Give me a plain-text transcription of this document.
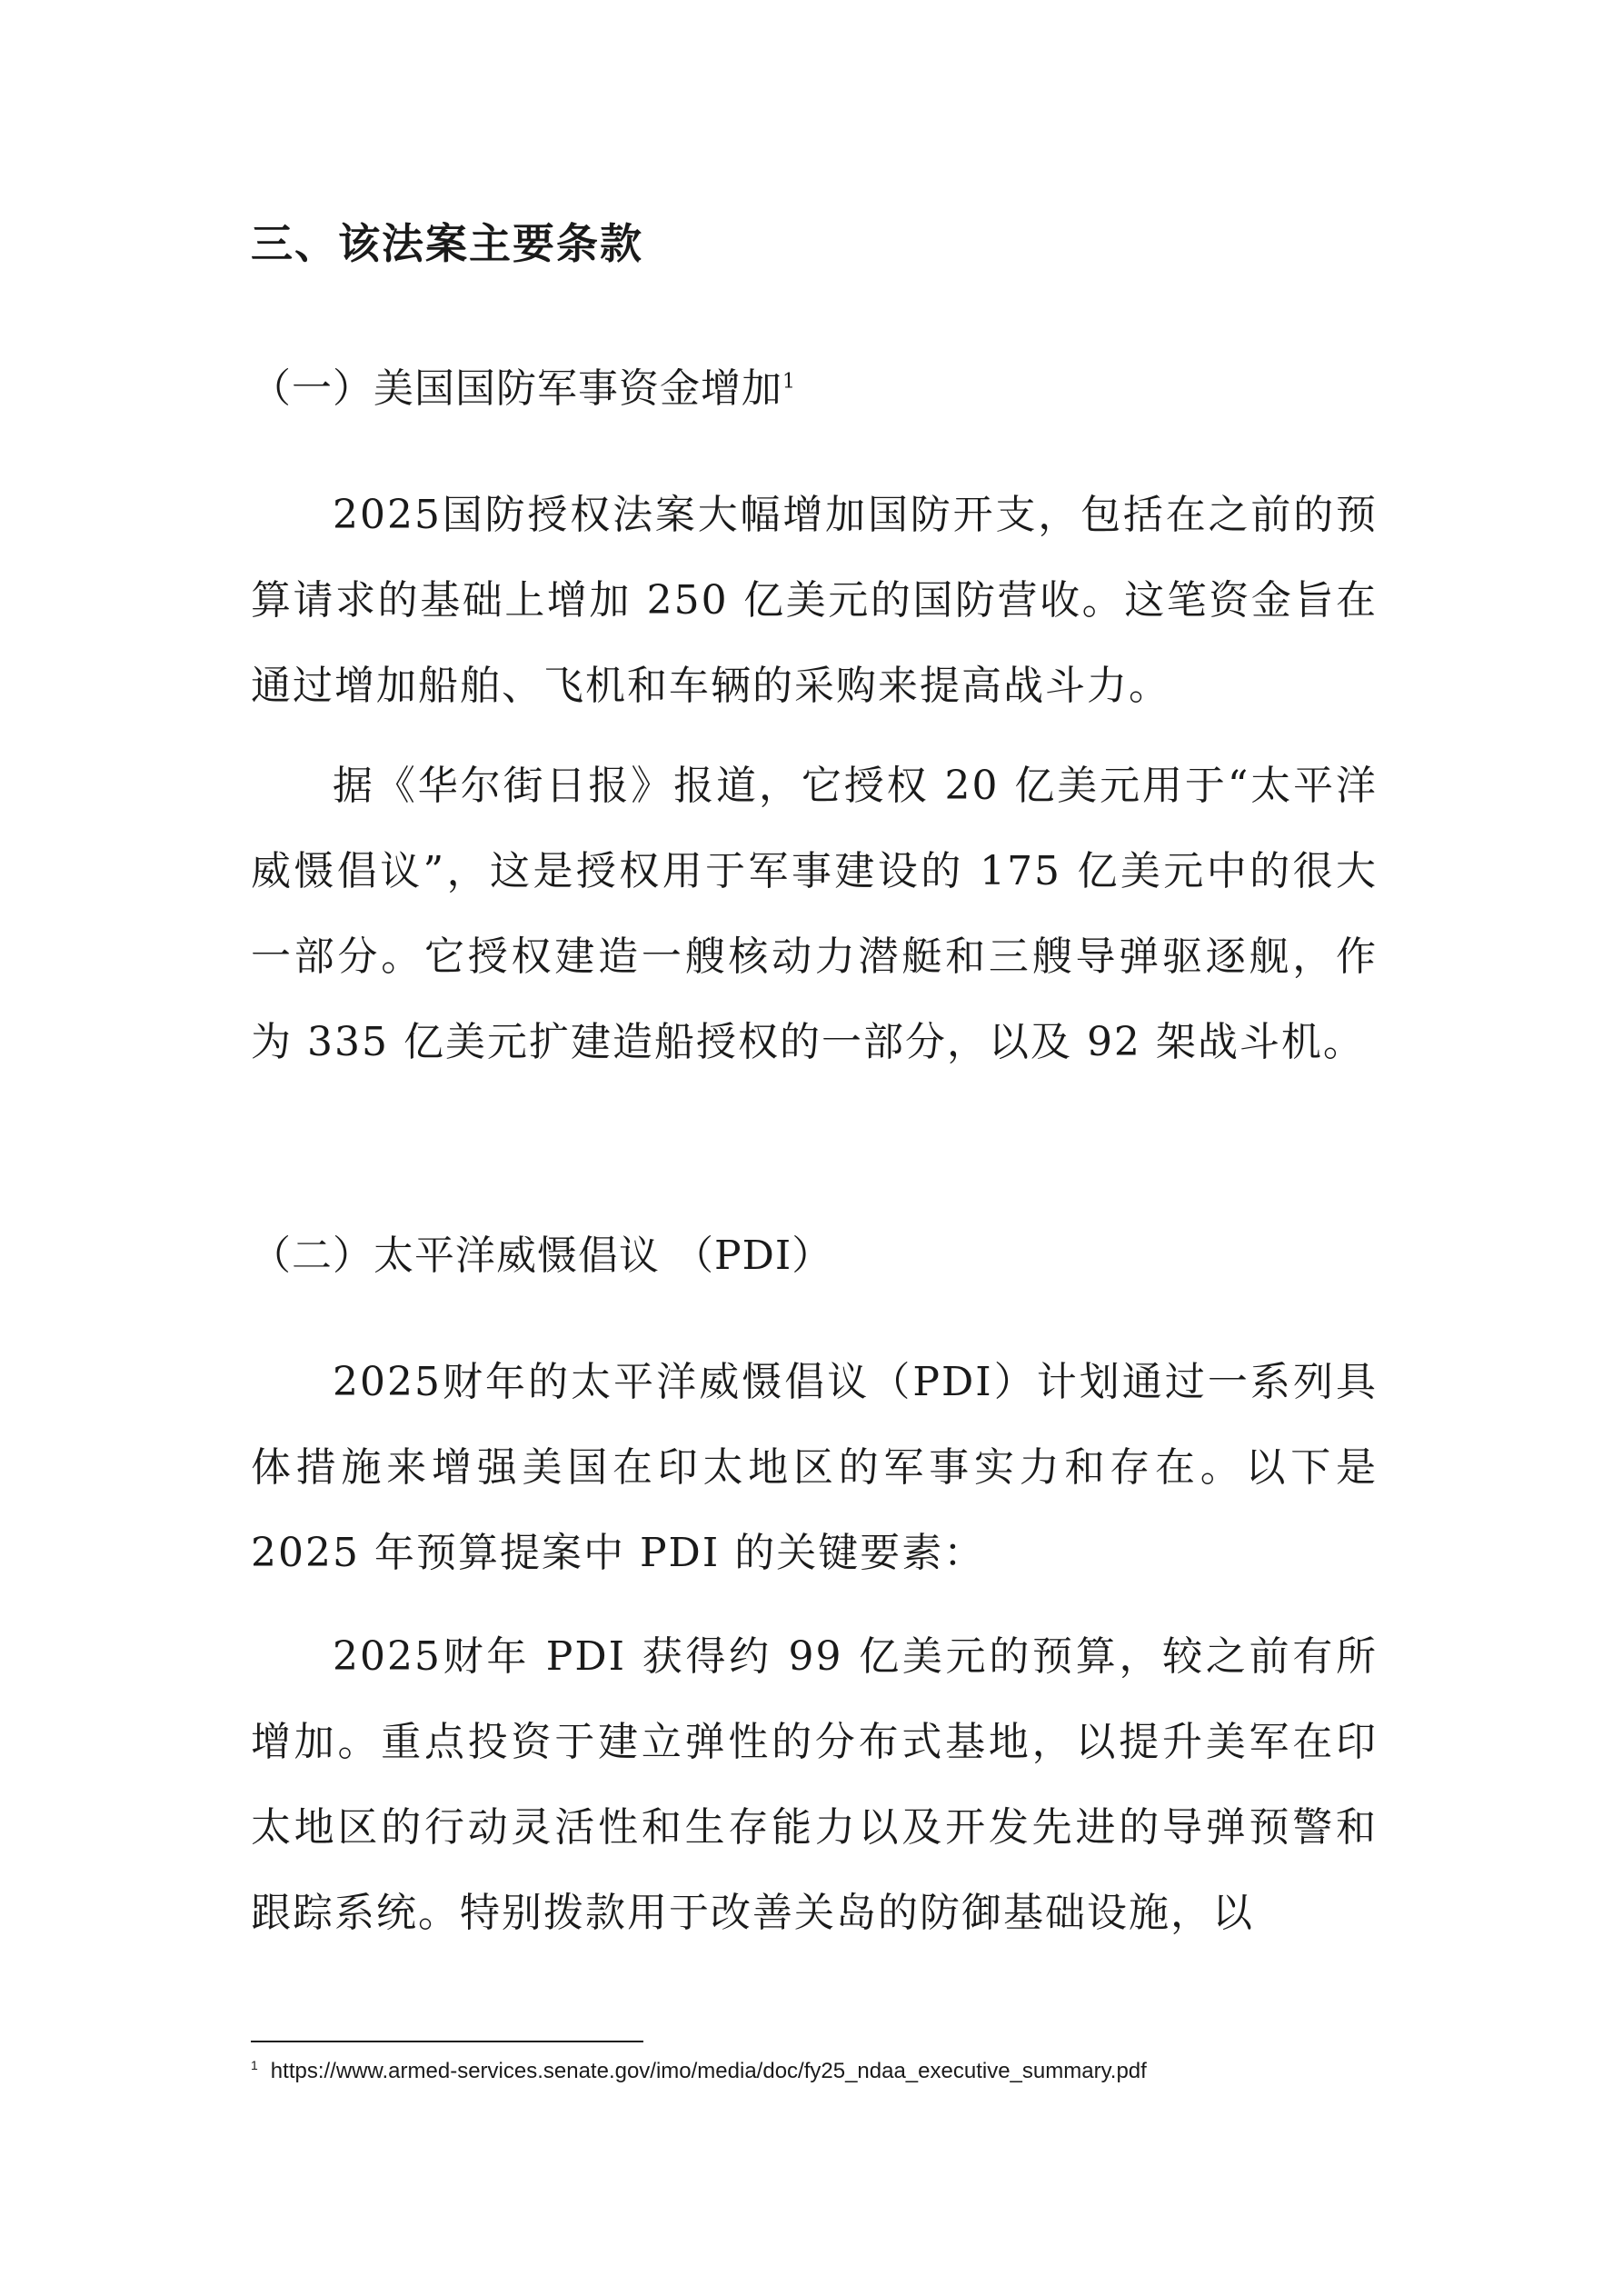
三、该法案主要条款
（一）美国国防军事资金增加$^1$

2025国防授权法案大幅增加国防开支，包括在之前的预算请求的基础上增加 250 亿美元的国防营收。这笔资金旨在通过增加船舶、飞机和车辆的采购来提高战斗力。

据《华尔街日报》报道，它授权 20 亿美元用于“太平洋威慑倡议”，这是授权用于军事建设的 175 亿美元中的很大一部分。它授权建造一艘核动力潜艇和三艘导弹驱逐舰，作为 335 亿美元扩建造船授权的一部分，以及 92 架战斗机。

（二）太平洋威慑倡议 （PDI）

2025财年的太平洋威慑倡议（PDI）计划通过一系列具体措施来增强美国在印太地区的军事实力和存在。以下是 2025 年预算提案中 PDI 的关键要素：

2025财年 PDI 获得约 99 亿美元的预算，较之前有所增加。重点投资于建立弹性的分布式基地，以提升美军在印太地区的行动灵活性和生存能力以及开发先进的导弹预警和跟踪系统。特别拨款用于改善关岛的防御基础设施，以

$^1$ https://www.armed-services.senate.gov/imo/media/doc/fy25_ndaa_executive_summary.pdf
